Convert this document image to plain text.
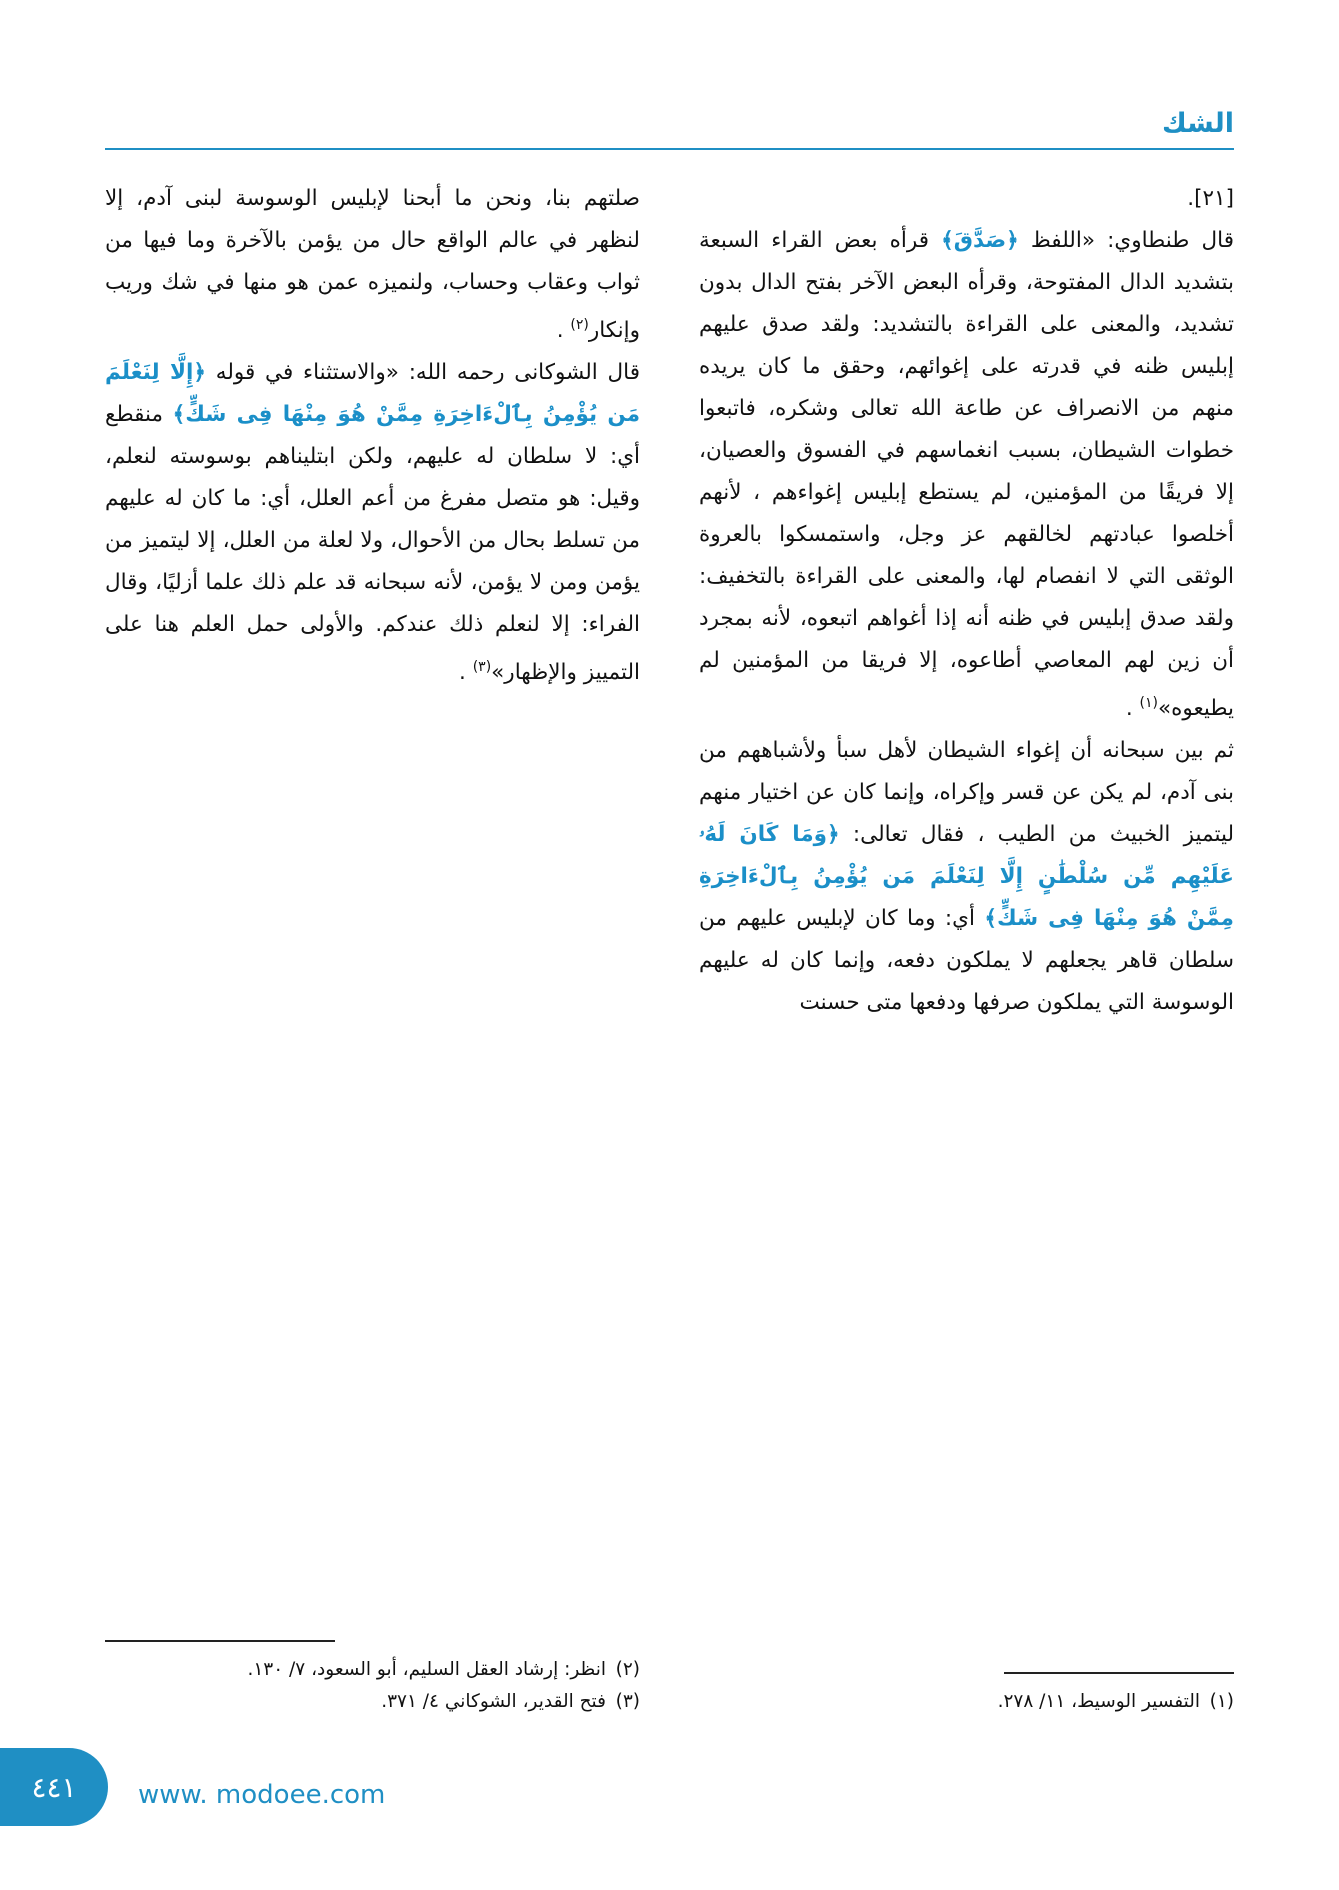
الشك

[٢١].

قال طنطاوي: «اللفظ ﴿صَدَّقَ﴾ قرأه بعض القراء السبعة بتشديد الدال المفتوحة، وقرأه البعض الآخر بفتح الدال بدون تشديد، والمعنى على القراءة بالتشديد: ولقد صدق عليهم إبليس ظنه في قدرته على إغوائهم، وحقق ما كان يريده منهم من الانصراف عن طاعة الله تعالى وشكره، فاتبعوا خطوات الشيطان، بسبب انغماسهم في الفسوق والعصيان، إلا فريقًا من المؤمنين، لم يستطع إبليس إغواءهم ، لأنهم أخلصوا عبادتهم لخالقهم عز وجل، واستمسكوا بالعروة الوثقى التي لا انفصام لها، والمعنى على القراءة بالتخفيف: ولقد صدق إبليس في ظنه أنه إذا أغواهم اتبعوه، لأنه بمجرد أن زين لهم المعاصي أطاعوه، إلا فريقا من المؤمنين لم يطيعوه»$^{(١)}$ .

ثم بين سبحانه أن إغواء الشيطان لأهل سبأ ولأشباههم من بنى آدم، لم يكن عن قسر وإكراه، وإنما كان عن اختيار منهم ليتميز الخبيث من الطيب ، فقال تعالى: ﴿وَمَا كَانَ لَهُۥ عَلَيْهِم مِّن سُلْطَٰنٍ إِلَّا لِنَعْلَمَ مَن يُؤْمِنُ بِٱلْءَاخِرَةِ مِمَّنْ هُوَ مِنْهَا فِى شَكٍّ﴾ أي: وما كان لإبليس عليهم من سلطان قاهر يجعلهم لا يملكون دفعه، وإنما كان له عليهم الوسوسة التي يملكون صرفها ودفعها متى حسنت

صلتهم بنا، ونحن ما أبحنا لإبليس الوسوسة لبنى آدم، إلا لنظهر في عالم الواقع حال من يؤمن بالآخرة وما فيها من ثواب وعقاب وحساب، ولنميزه عمن هو منها في شك وريب وإنكار$^{(٢)}$ .

قال الشوكانى رحمه الله: «والاستثناء في قوله ﴿إِلَّا لِنَعْلَمَ مَن يُؤْمِنُ بِٱلْءَاخِرَةِ مِمَّنْ هُوَ مِنْهَا فِى شَكٍّ﴾ منقطع أي: لا سلطان له عليهم، ولكن ابتليناهم بوسوسته لنعلم، وقيل: هو متصل مفرغ من أعم العلل، أي: ما كان له عليهم من تسلط بحال من الأحوال، ولا لعلة من العلل، إلا ليتميز من يؤمن ومن لا يؤمن، لأنه سبحانه قد علم ذلك علما أزليًا، وقال الفراء: إلا لنعلم ذلك عندكم. والأولى حمل العلم هنا على التمييز والإظهار»$^{(٣)}$ .

(١)التفسير الوسيط، ١١/ ٢٧٨.
(٢)انظر: إرشاد العقل السليم، أبو السعود، ٧/ ١٣٠.
(٣)فتح القدير، الشوكاني ٤/ ٣٧١.
٤٤١	www. modoee.com
